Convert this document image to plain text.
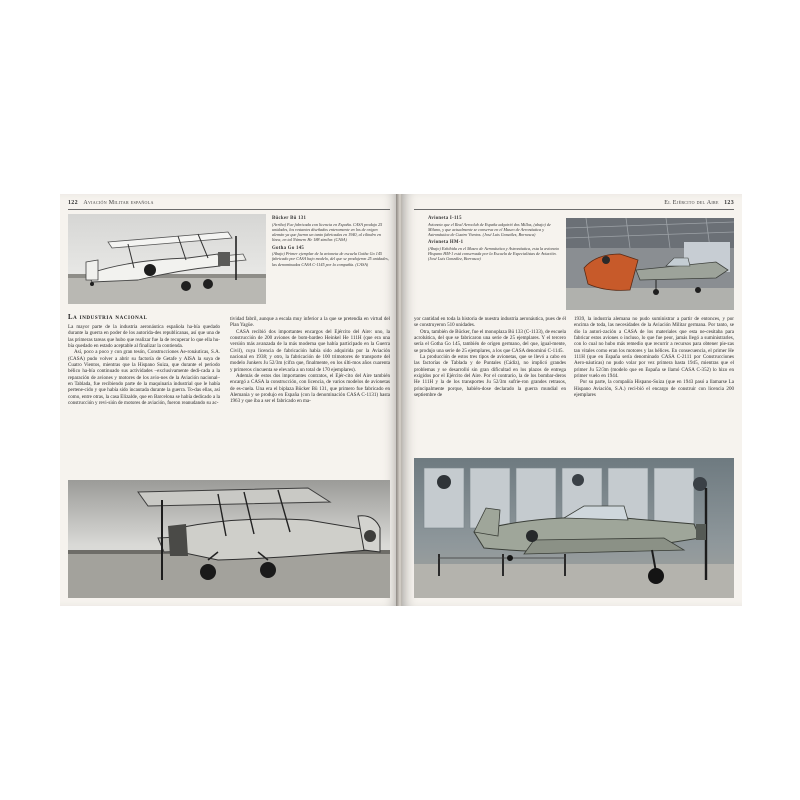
122 Aviación Militar española
Bücker Bü 131
(Arriba) Fue fabricada con licencia en España. CASA produjo 25 unidades, los restantes diseñados enteramente en los de origen alemán ya que fueron un tanto fabricadas en 1940, al cilindro en línea, en tal Número He 188 similar. (CASA)
Gotha Go 145
(Abajo) Primer ejemplar de la avioneta de escuela Gotha Go 145 fabricado por CASA bajo modelo, del que se produjeron 25 unidades, las denominadas CASA C-1145 por la compañía. (CASA)
La industria nacional

La mayor parte de la industria aeronáutica española ha-bía quedado durante la guerra en poder de los autorida-des republicanas, así que una de las primeras tareas que hubo que realizar fue la de recuperar lo que ella hu-bía quedado en estado aceptable al finalizar la contienda.

Así, poco a poco y con gran tesón, Construcciones Ae-ronáuticas, S.A. (CASA) pudo volver a abrir su factoría de Getafe y AISA la suya de Cuatro Vientos, mientras que la Hispano Suiza, que durante el periodo bélico ha-bía continuado sus actividades –exclusivamente dedi-cada a la reparación de aviones y motores de los avio-nes de la Aviación nacional– en Tablada, fue recibiendo parte de la maquinaria industrial que le había pertene-cido y que había sido incautada durante la guerra. To-das ellas, así como, entre otras, la casa Elizalde, que en Barcelona se había dedicado a la construcción y revi-sión de motores de aviación, fueron reanudando su ac-

tividad fabril, aunque a escala muy inferior a la que se pretendía en virtud del Plan Yagüe.

CASA recibió dos importantes encargos del Ejército del Aire: uno, la construcción de 200 aviones de bom-bardeo Heinkel He 111H (que era una versión más avanzada de la más moderna que había participado en la Guerra Civil), cuya licencia de fabricación había sido adquirida por la Aviación nacional en 1938; y otro, la fabricación de 100 trimotores de transporte del modelo Junkers Ju 52/3m (cifra que, finalmente, en los últi-mos años cuarenta y primeros cincuenta se elevaría a un total de 170 ejemplares).

Además de estos dos importantes contratos, el Ejér-cito del Aire también encargó a CASA la construcción, con licencia, de varios modelos de avionetas de es-cuela. Una era el biplaza Bücker Bü 131, que primero fue fabricado en Alemania y se produjo en España (con la denominación CASA C-1131) hasta 1963 y que iba a ser el fabricado en ma-

El Ejército del Aire 123
Avioneta I-115
Avioneta que el Real Aeroclub de España adquirió dos Millas, (abajo) de Milano, y que actualmente se conserva en el Museo de Aeronáutica y Astronáutica de Cuatro Vientos. (José Luis González, Borrasca)
Avioneta HM-1
(Abajo) Exhibida en el Museo de Aeronáutica y Astronáutica, esta la avioneta Hispano HM-1 está conservada por la Escuela de Especialistas de Aviación. (José Luis González, Borrasca)

yor cantidad en toda la historia de nuestra industria aeronáutica, pues de él se construyeron 510 unidades.

Otra, también de Bücker, fue el monoplaza Bü 133 (C-1133), de escuela acrobática, del que se fabricaron una serie de 25 ejemplares. Y el tercero sería el Gotha Go 145, también de origen germano, del que, igual-mente, se produjo una serie de 25 ejemplares, a los que CASA denominó C-1145.

La producción de estos tres tipos de avionetas, que se llevó a cabo en las factorías de Tablada y de Puntales (Cádiz), no implicó grandes problemas y se desarrolló sin gran dificultad en los plazos de entrega exigidos por el Ejército del Aire. Por el contrario, la de los bombar-deros He 111H y la de los transportes Ju 52/3m sufrie-ron grandes retrasos, principalmente porque, habién-dose declarado la guerra mundial en septiembre de

1939, la industria alemana no pudo suministrar a partir de entonces, y por encima de toda, las necesidades de la Aviación Militar germana. Por tanto, se dio la autori-zación a CASA de los materiales que esta ne-cesitaba para fabricar estos aviones o incluso, lo que fue peor, jamás llegó a suministrarles, con lo cual no hubo más remedio que recurrir a recursos para obtener pie-zas tan vitales como eran los motores y las hélices. En consecuencia, el primer He 111H (que en España sería denominado CASA C-2111 por Construcciones Aero-náuticas) no pudo volar por vez primera hasta 1945, mientras que el primer Ju 52/3m (modelo que en España se llamó CASA C-352) lo hizo en primer vuelo en 1944.

Por su parte, la compañía Hispano-Suiza (que en 1943 pasó a llamarse La Hispano Aviación, S.A.) reci-bió el encargo de construir con licencia 200 ejemplares
